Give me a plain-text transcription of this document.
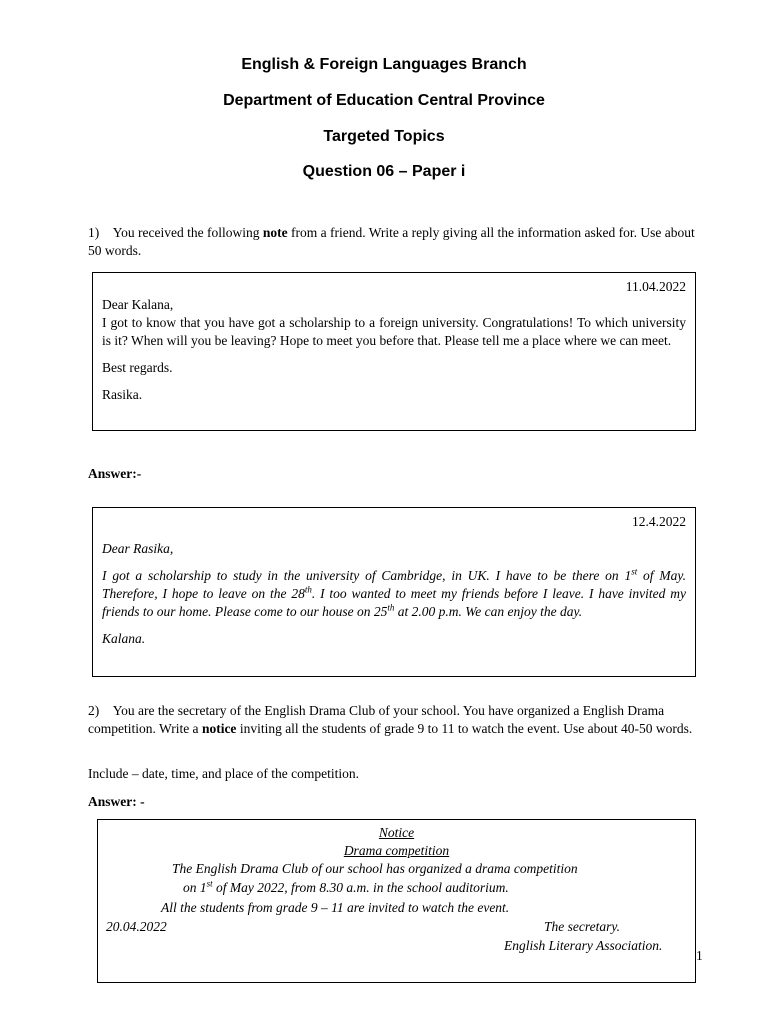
English & Foreign Languages Branch
Department of Education Central Province
Targeted Topics
Question 06 – Paper i
1) You received the following note from a friend. Write a reply giving all the information asked for. Use about 50 words.

11.04.2022

Dear Kalana,

I got to know that you have got a scholarship to a foreign university. Congratulations! To which university is it? When will you be leaving? Hope to meet you before that. Please tell me a place where we can meet.

Best regards.

Rasika.

Answer:-

12.4.2022

Dear Rasika,

I got a scholarship to study in the university of Cambridge, in UK. I have to be there on 1st of May. Therefore, I hope to leave on the 28th. I too wanted to meet my friends before I leave. I have invited my friends to our home. Please come to our house on 25th at 2.00 p.m. We can enjoy the day.

Kalana.

2) You are the secretary of the English Drama Club of your school. You have organized a English Drama competition. Write a notice inviting all the students of grade 9 to 11 to watch the event. Use about 40-50 words.
Include – date, time, and place of the competition.
Answer: -
Notice
Drama competition
The English Drama Club of our school has organized a drama competition
on 1st of May 2022, from 8.30 a.m. in the school auditorium.
All the students from grade 9 – 11 are invited to watch the event.
20.04.2022	The secretary.
English Literary Association.
1
